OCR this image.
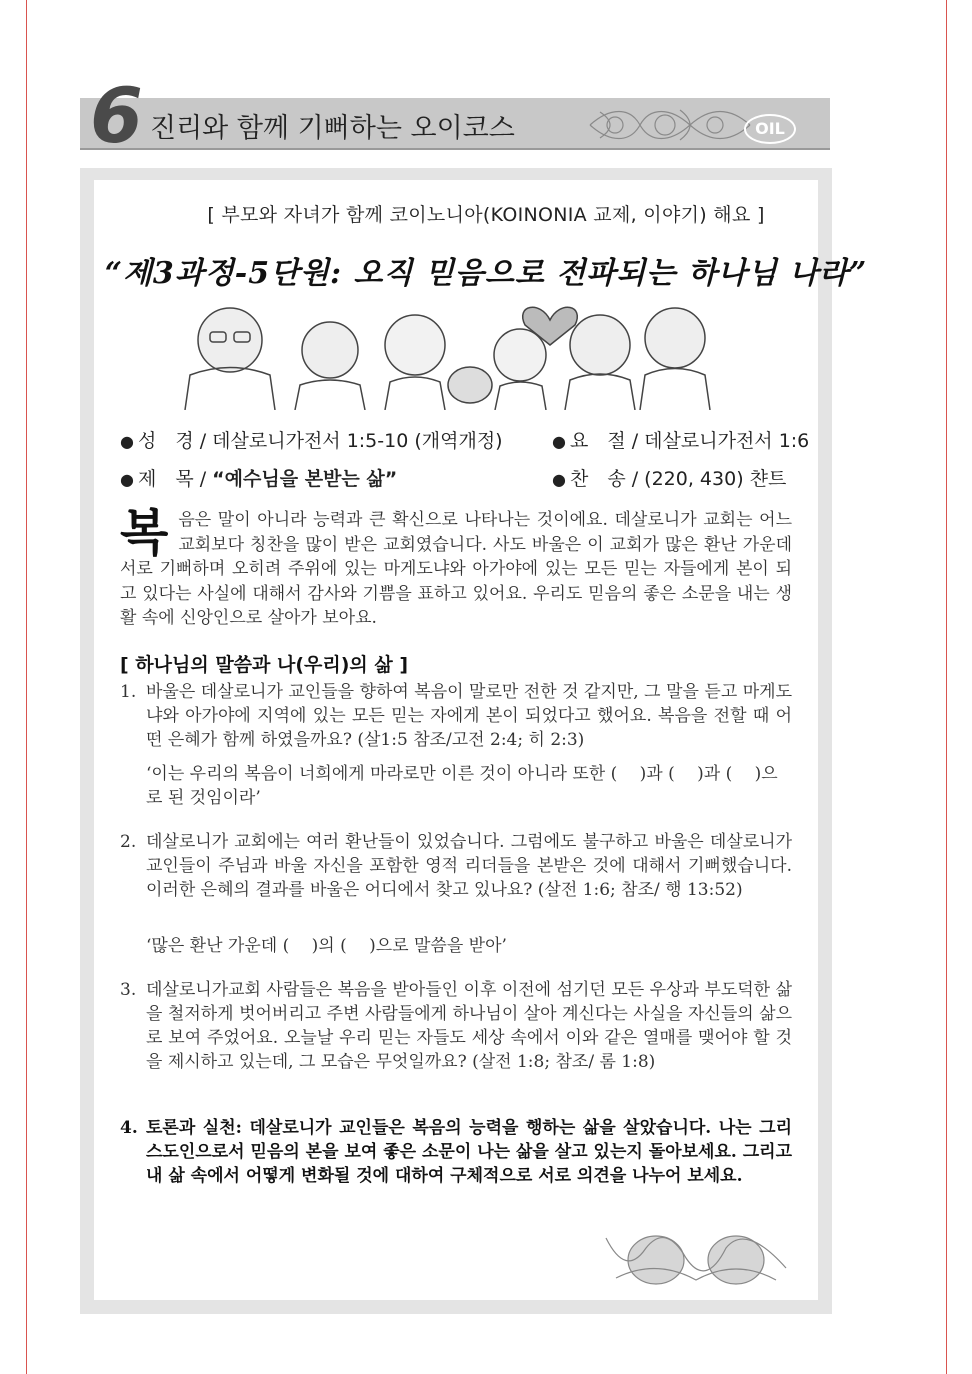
6 진리와 함께 기뻐하는 오이코스	OIL
[ 부모와 자녀가 함께 코이노니아(KOINONIA 교제, 이야기) 해요 ]
“제3과정-5단원: 오직 믿음으로 전파되는 하나님 나라”
● 성　경 / 데살로니가전서 1:5-10 (개역개정)	● 요　절 / 데살로니가전서 1:6
● 제　목 / “예수님을 본받는 삶”	● 찬　송 / (220, 430) 챤트
복 음은 말이 아니라 능력과 큰 확신으로 나타나는 것이에요. 데살로니가 교회는 어느 교회보다 칭찬을 많이 받은 교회였습니다. 사도 바울은 이 교회가 많은 환난 가운데서로 기뻐하며 오히려 주위에 있는 마게도냐와 아가야에 있는 모든 믿는 자들에게 본이 되고 있다는 사실에 대해서 감사와 기쁨을 표하고 있어요. 우리도 믿음의 좋은 소문을 내는 생활 속에 신앙인으로 살아가 보아요.
[ 하나님의 말씀과 나(우리)의 삶 ]
1. 바울은 데살로니가 교인들을 향하여 복음이 말로만 전한 것 같지만, 그 말을 듣고 마게도냐와 아가야에 지역에 있는 모든 믿는 자에게 본이 되었다고 했어요. 복음을 전할 때 어떤 은혜가 함께 하였을까요? (살1:5 참조/고전 2:4; 히 2:3)
‘이는 우리의 복음이 너희에게 마라로만 이른 것이 아니라 또한 (　 )과 (　 )과 (　 )으로 된 것임이라’
2. 데살로니가 교회에는 여러 환난들이 있었습니다. 그럼에도 불구하고 바울은 데살로니가 교인들이 주님과 바울 자신을 포함한 영적 리더들을 본받은 것에 대해서 기뻐했습니다. 이러한 은혜의 결과를 바울은 어디에서 찾고 있나요? (살전 1:6; 참조/ 행 13:52)
‘많은 환난 가운데 (　 )의 (　 )으로 말씀을 받아’
3. 데살로니가교회 사람들은 복음을 받아들인 이후 이전에 섬기던 모든 우상과 부도덕한 삶을 철저하게 벗어버리고 주변 사람들에게 하나님이 살아 계신다는 사실을 자신들의 삶으로 보여 주었어요. 오늘날 우리 믿는 자들도 세상 속에서 이와 같은 열매를 맺어야 할 것을 제시하고 있는데, 그 모습은 무엇일까요? (살전 1:8; 참조/ 롬 1:8)
4. 토론과 실천: 데살로니가 교인들은 복음의 능력을 행하는 삶을 살았습니다. 나는 그리스도인으로서 믿음의 본을 보여 좋은 소문이 나는 삶을 살고 있는지 돌아보세요. 그리고 내 삶 속에서 어떻게 변화될 것에 대하여 구체적으로 서로 의견을 나누어 보세요.
